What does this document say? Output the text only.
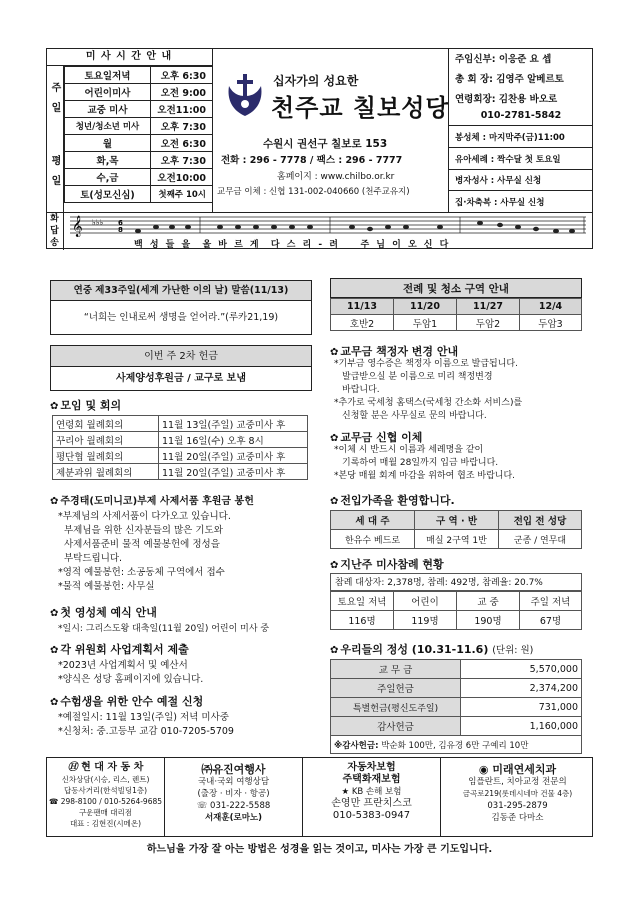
미 사 시 간 안 내
주일
평일
토요일저녁	오후 6:30
어린이미사	오전 9:00
교중 미사	오전11:00
청년/청소년 미사	오후 7:30
월	오전 6:30
화,목	오후 7:30
수,금	오전10:00
토(성모신심)	첫째주 10시
십자가의 성요한
천주교 칠보성당
수원시 권선구 칠보로 153
전화 : 296 - 7778 / 팩스 : 296 - 7777
홈페이지 : www.chilbo.or.kr
교무금 이체 : 신협 131-002-040660 (천주교유지)
주임신부: 이응준 요 셉
총 회 장: 김영주 알베르토
연령회장: 김찬용 바오로
010-2781-5842
봉성체 : 마지막주(금)11:00
유아세례 : 짝수달 첫 토요일
병자성사 : 사무실 신청
집·차축복 : 사무실 신청
화
답
송
𝄞 ♭♭♭ 6
8
백 성 들 을  올 바 르 게  다 스 리 - 려    주 님 이 오 신 다
연중 제33주일(세계 가난한 이의 날) 말씀(11/13)
“너희는 인내로써 생명을 얻어라.”(루카21,19)
이번 주 2차 헌금
사제양성후원금 / 교구로 보냄
✿ 모임 및 회의
연령회 월례회의	11월 13일(주일) 교중미사 후
꾸리아 월례회의	11월 16일(수) 오후 8시
평단협 월례회의	11월 20일(주일) 교중미사 후
제분과위 월례회의	11월 20일(주일) 교중미사 후
✿ 주경태(도미니코)부제 사제서품 후원금 봉헌
*부제님의 사제서품이 다가오고 있습니다.
부제님을 위한 신자분들의 많은 기도와
사제서품준비 물적 예물봉헌에 정성을
부탁드립니다.
*영적 예물봉헌: 소공동체 구역에서 접수
*물적 예물봉헌: 사무실
✿ 첫 영성체 예식 안내
*일시: 그리스도왕 대축일(11월 20일) 어린이 미사 중
✿ 각 위원회 사업계획서 제출
*2023년 사업계획서 및 예산서
*양식은 성당 홈페이지에 있습니다.
✿ 수험생을 위한 안수 예절 신청
*예절일시: 11월 13일(주일) 저녁 미사중
*신청처: 중.고등부 교감 010-7205-5709
전례 및 청소 구역 안내
11/13	11/20	11/27	12/4
호반2	두암1	두암2	두암3
✿ 교무금 책정자 변경 안내
*기부금 영수증은 책정자 이름으로 발급됩니다.
발급받으실 분 이름으로 미리 책정변경
바랍니다.
*추가로 국세청 홈택스(국세청 간소화 서비스)를
신청할 분은 사무실로 문의 바랍니다.
✿ 교무금 신협 이체
*이체 시 반드시 이름과 세례명을 같이
기록하여 매월 28일까지 입금 바랍니다.
*본당 매월 회계 마감을 위하여 협조 바랍니다.
✿ 전입가족을 환영합니다.
세 대 주	구 역 · 반	전입 전 성당
한유수 베드로	매실 2구역 1반	군종 / 연무대
✿ 지난주 미사참례 현황
참례 대상자: 2,378명, 참례: 492명, 참례율: 20.7%
토요일 저녁	어린이	교 중	주일 저녁
116명	119명	190명	67명
✿ 우리들의 정성 (10.31-11.6) (단위: 원)
교 무 금	5,570,000
주일헌금	2,374,200
특별헌금(평신도주일)	731,000
감사헌금	1,160,000
※감사헌금: 박순화 100만, 김유경 6만 구예리 10만	
Ⓗ 현 대 자 동 차
신차상담(시승, 리스, 렌트)
답동사거리(한석빌딩1층)
☎ 298-8100 / 010-5264-9685
구운팬매 대리점
대표 : 김현진(시메온)
㈜유진여행사
국내·국외 여행상담
(출장 · 비자 · 항공)
☏ 031-222-5588
서재훈(로마노)
자동차보험
주택화재보험
★ KB 손해 보험
손영만 프란치스코
010-5383-0947
◉ 미래연세치과
임플란트, 치아교정 전문의
금곡로219(롯데시네마 건물 4층)
031-295-2879
김동준 다마소
하느님을 가장 잘 아는 방법은 성경을 읽는 것이고, 미사는 가장 큰 기도입니다.
